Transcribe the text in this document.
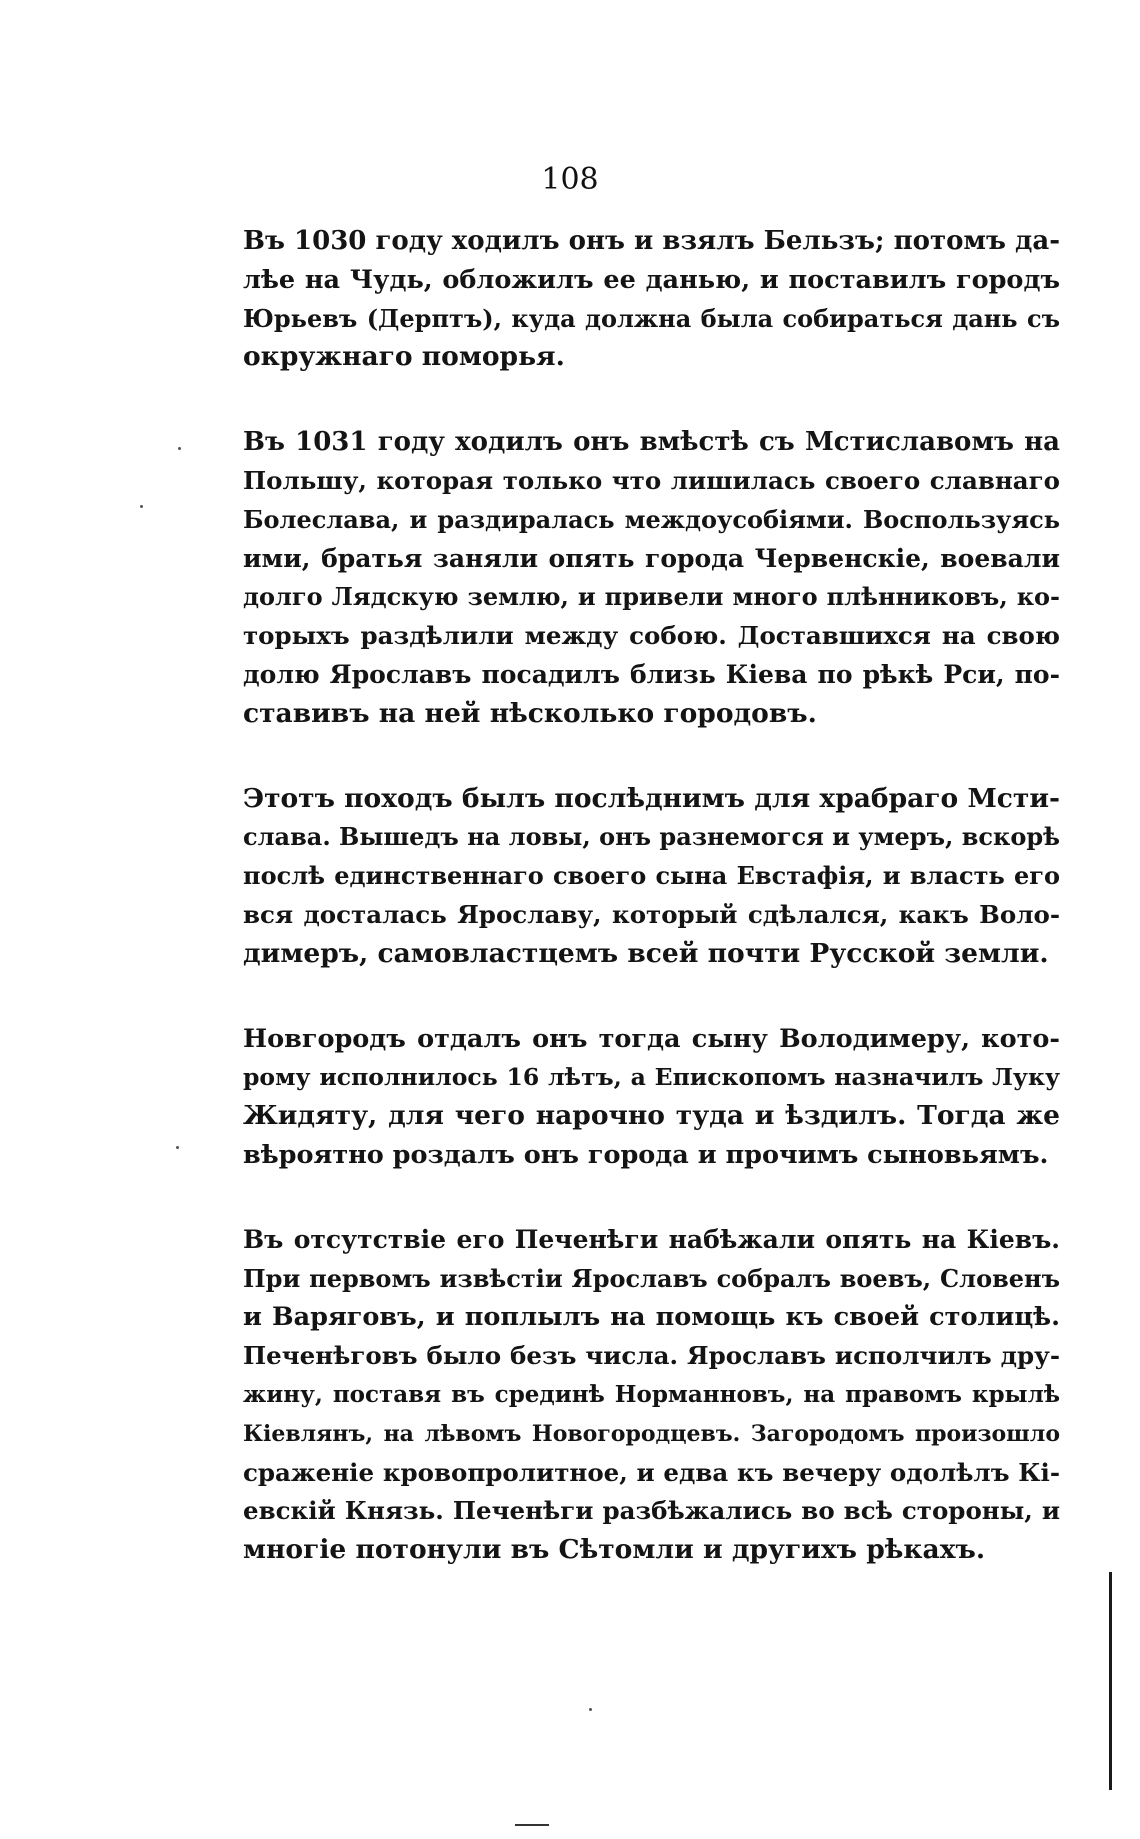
108
Въ 1030 году ходилъ онъ и взялъ Бельзъ; потомъ да-
лѣе на Чудь, обложилъ ее данью, и поставилъ городъ
Юрьевъ (Дерптъ), куда должна была собираться дань съ
окружнаго поморья.
Въ 1031 году ходилъ онъ вмѣстѣ съ Мстиславомъ на
Польшу, которая только что лишилась своего славнаго
Болеслава, и раздиралась междоусобіями. Воспользуясь
ими, братья заняли опять города Червенскіе, воевали
долго Лядскую землю, и привели много плѣнниковъ, ко-
торыхъ раздѣлили между собою. Доставшихся на свою
долю Ярославъ посадилъ близь Кіева по рѣкѣ Рси, по-
ставивъ на ней нѣсколько городовъ.
Этотъ походъ былъ послѣднимъ для храбраго Мсти-
слава. Вышедъ на ловы, онъ разнемогся и умеръ, вскорѣ
послѣ единственнаго своего сына Евстафія, и власть его
вся досталась Ярославу, который сдѣлался, какъ Воло-
димеръ, самовластцемъ всей почти Русской земли.
Новгородъ отдалъ онъ тогда сыну Володимеру, кото-
рому исполнилось 16 лѣтъ, а Епископомъ назначилъ Луку
Жидяту, для чего нарочно туда и ѣздилъ. Тогда же
вѣроятно роздалъ онъ города и прочимъ сыновьямъ.
Въ отсутствіе его Печенѣги набѣжали опять на Кіевъ.
При первомъ извѣстіи Ярославъ собралъ воевъ, Словенъ
и Варяговъ, и поплылъ на помощь къ своей столицѣ.
Печенѣговъ было безъ числа. Ярославъ исполчилъ дру-
жину, поставя въ срединѣ Норманновъ, на правомъ крылѣ
Кіевлянъ, на лѣвомъ Новогородцевъ. Загородомъ произошло
сраженіе кровопролитное, и едва къ вечеру одолѣлъ Кі-
евскій Князь. Печенѣги разбѣжались во всѣ стороны, и
многіе потонули въ Сѣтомли и другихъ рѣкахъ.
